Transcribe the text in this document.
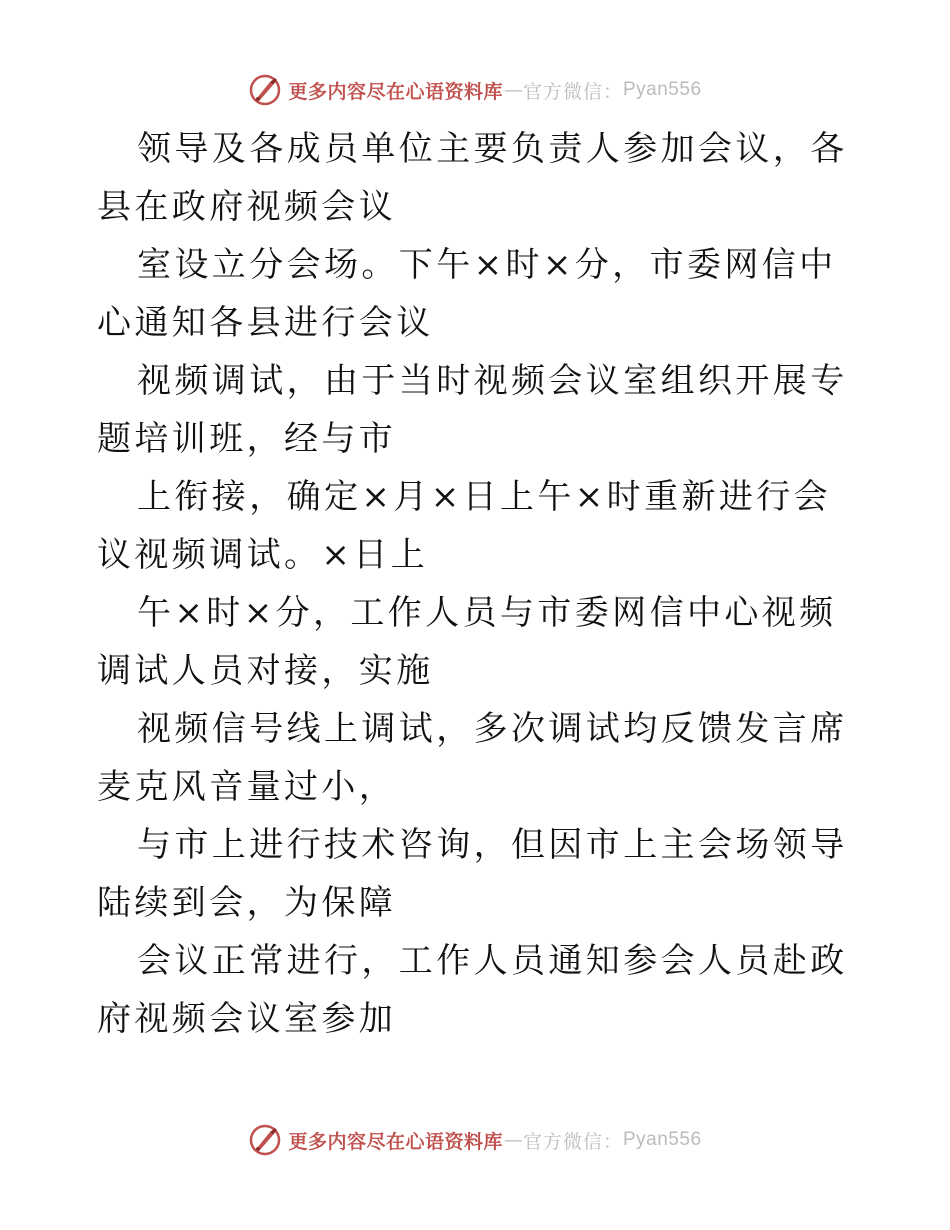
更多内容尽在心语资料库 — 官方微信： Pyan556

领导及各成员单位主要负责人参加会议，各县在政府视频会议

室设立分会场。下午×时×分，市委网信中心通知各县进行会议

视频调试，由于当时视频会议室组织开展专题培训班，经与市

上衔接，确定×月×日上午×时重新进行会议视频调试。×日上

午×时×分，工作人员与市委网信中心视频调试人员对接，实施

视频信号线上调试，多次调试均反馈发言席麦克风音量过小，

与市上进行技术咨询，但因市上主会场领导陆续到会，为保障

会议正常进行，工作人员通知参会人员赴政府视频会议室参加

更多内容尽在心语资料库 — 官方微信： Pyan556
